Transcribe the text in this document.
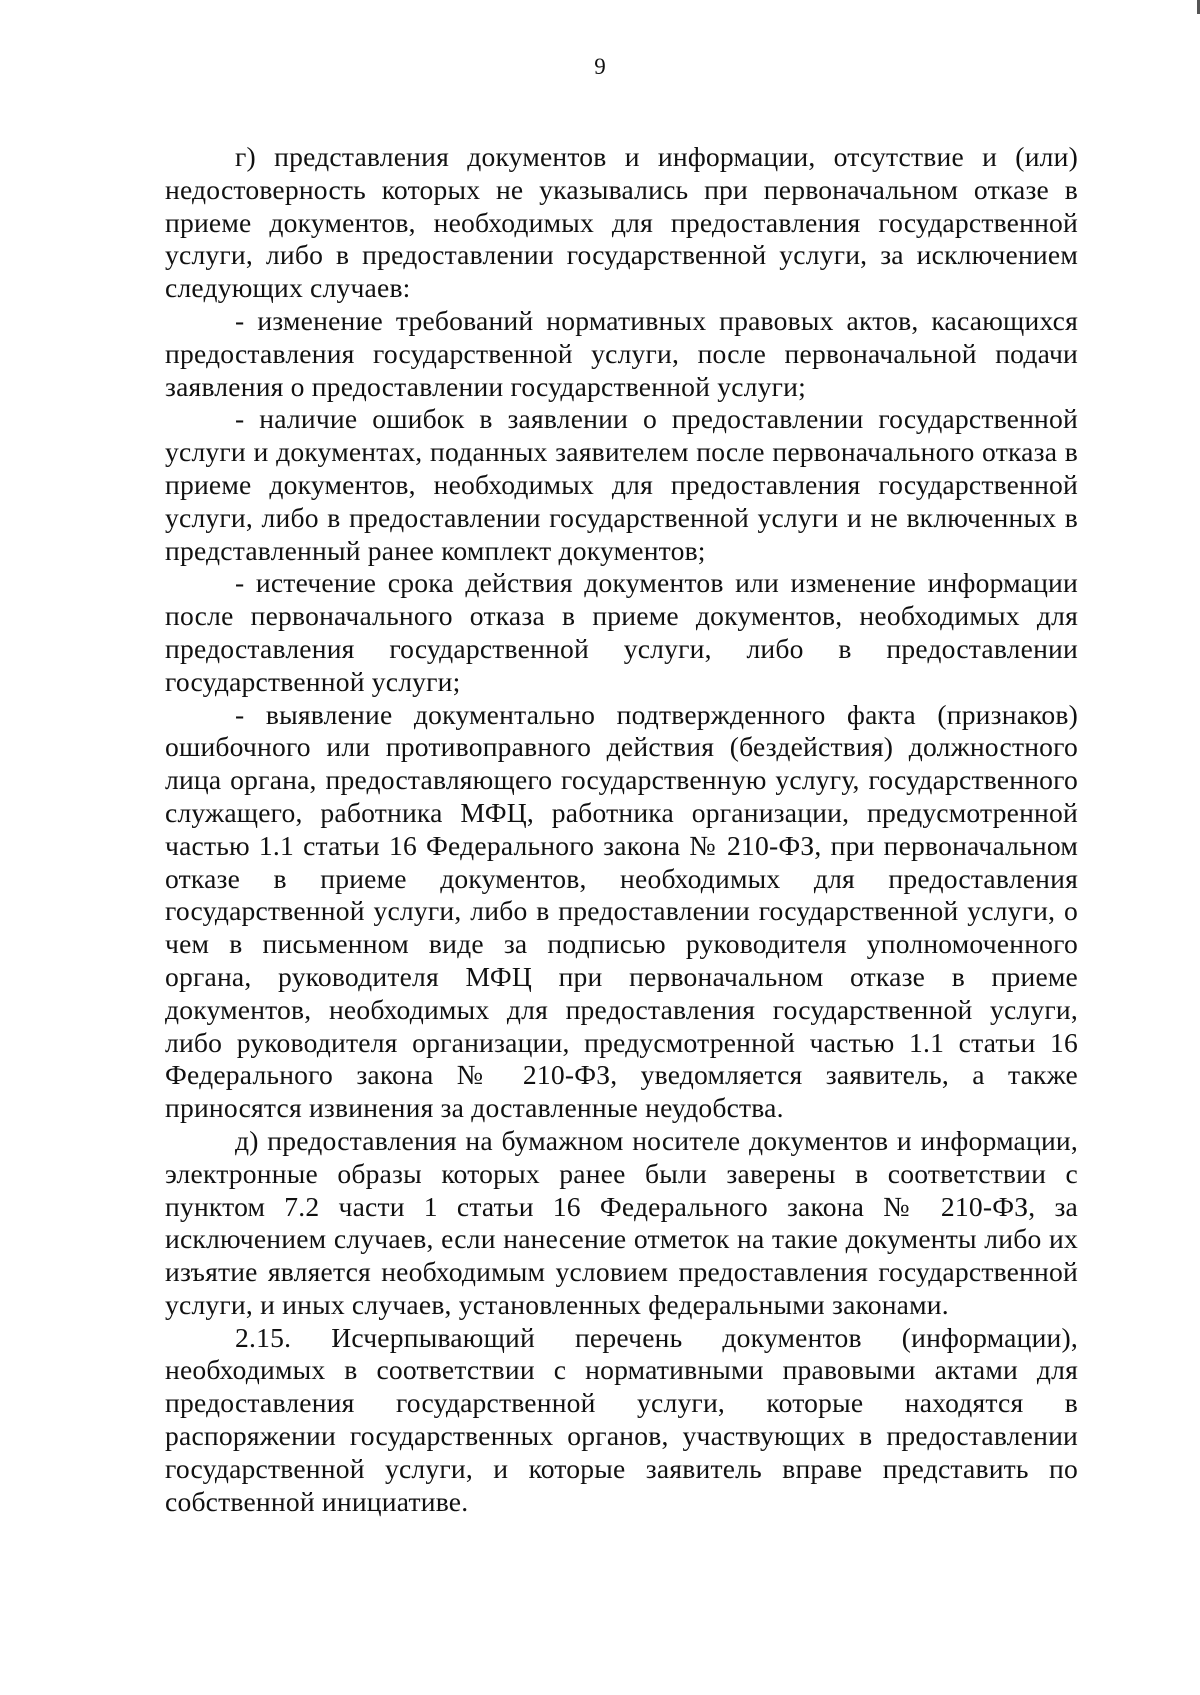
9

г) представления документов и информации, отсутствие и (или) недостоверность которых не указывались при первоначальном отказе в приеме документов, необходимых для предоставления государственной услуги, либо в предоставлении государственной услуги, за исключением следующих случаев:

- изменение требований нормативных правовых актов, касающихся предоставления государственной услуги, после первоначальной подачи заявления о предоставлении государственной услуги;

- наличие ошибок в заявлении о предоставлении государственной услуги и документах, поданных заявителем после первоначального отказа в приеме документов, необходимых для предоставления государственной услуги, либо в предоставлении государственной услуги и не включенных в представленный ранее комплект документов;

- истечение срока действия документов или изменение информации после первоначального отказа в приеме документов, необходимых для предоставления государственной услуги, либо в предоставлении государственной услуги;

- выявление документально подтвержденного факта (признаков) ошибочного или противоправного действия (бездействия) должностного лица органа, предоставляющего государственную услугу, государственного служащего, работника МФЦ, работника организации, предусмотренной частью 1.1 статьи 16 Федерального закона № 210-ФЗ, при первоначальном отказе в приеме документов, необходимых для предоставления государственной услуги, либо в предоставлении государственной услуги, о чем в письменном виде за подписью руководителя уполномоченного органа, руководителя МФЦ при первоначальном отказе в приеме документов, необходимых для предоставления государственной услуги, либо руководителя организации, предусмотренной частью 1.1 статьи 16 Федерального закона № 210-ФЗ, уведомляется заявитель, а также приносятся извинения за доставленные неудобства.

д) предоставления на бумажном носителе документов и информации, электронные образы которых ранее были заверены в соответствии с пунктом 7.2 части 1 статьи 16 Федерального закона № 210-ФЗ, за исключением случаев, если нанесение отметок на такие документы либо их изъятие является необходимым условием предоставления государственной услуги, и иных случаев, установленных федеральными законами.

2.15. Исчерпывающий перечень документов (информации), необходимых в соответствии с нормативными правовыми актами для предоставления государственной услуги, которые находятся в распоряжении государственных органов, участвующих в предоставлении государственной услуги, и которые заявитель вправе представить по собственной инициативе.
